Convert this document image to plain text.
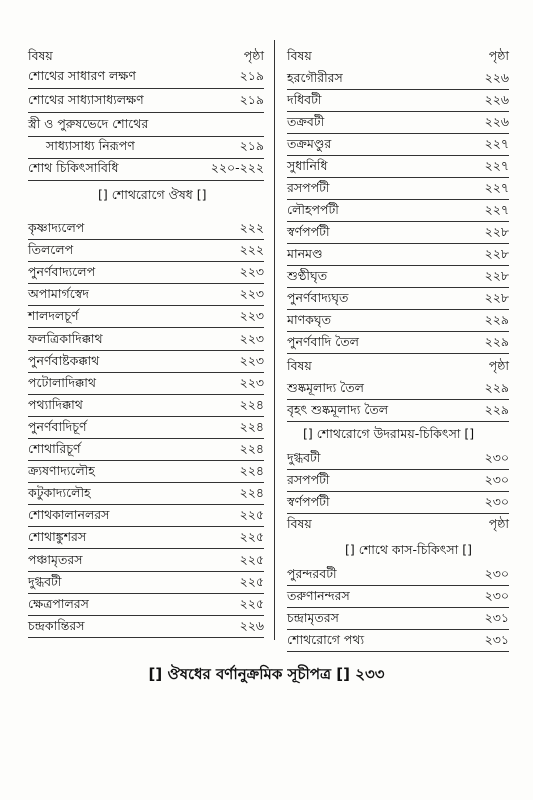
বিষয়	পৃষ্ঠা
শোথের সাধারণ লক্ষণ	২১৯
শোথের সাধ্যাসাধ্যলক্ষণ	২১৯
স্ত্রী ও পুরুষভেদে শোথের
সাধ্যাসাধ্য নিরূপণ	২১৯
শোথ চিকিৎসাবিধি	২২০-২২২
[] শোথরোগে ঔষধ []
কৃষ্ণাদ্যলেপ	২২২
তিললেপ	২২২
পুনর্ণবাদ্যলেপ	২২৩
অপামার্গস্বেদ	২২৩
শালদলচূর্ণ	২২৩
ফলত্রিকাদিক্কাথ	২২৩
পুনর্ণবাষ্টকক্কাথ	২২৩
পটোলাদিক্কাথ	২২৩
পথ্যাদিক্কাথ	২২৪
পুনর্ণবাদিচূর্ণ	২২৪
শোথারিচূর্ণ	২২৪
ক্র্যষণাদ্যলৌহ	২২৪
কটুকাদ্যলৌহ	২২৪
শোথকালানলরস	২২৫
শোথাঙ্কুশরস	২২৫
পঞ্চামৃতরস	২২৫
দুগ্ধবটী	২২৫
ক্ষেত্রপালরস	২২৫
চন্দ্রকান্তিরস	২২৬
বিষয়	পৃষ্ঠা
হরগৌরীরস	২২৬
দধিবটী	২২৬
তক্রবটী	২২৬
তক্রমণ্ডুর	২২৭
সুধানিধি	২২৭
রসপর্পটী	২২৭
লৌহপর্পটী	২২৭
স্বর্ণপর্পটী	২২৮
মানমণ্ড	২২৮
শুণ্ঠীঘৃত	২২৮
পুনর্ণবাদ্যঘৃত	২২৮
মাণকঘৃত	২২৯
পুনর্ণবাদি তৈল	২২৯
বিষয়	পৃষ্ঠা
শুষ্কমূলাদ্য তৈল	২২৯
বৃহৎ শুষ্কমূলাদ্য তৈল	২২৯
[] শোথরোগে উদরাময়-চিকিৎসা []
দুগ্ধবটী	২৩০
রসপর্পটী	২৩০
স্বর্ণপর্পটী	২৩০
বিষয়	পৃষ্ঠা
[] শোথে কাস-চিকিৎসা []
পুরন্দরবটী	২৩০
তরুণানন্দরস	২৩০
চন্দ্রামৃতরস	২৩১
শোথরোগে পথ্য	২৩১
[] ঔষধের বর্ণানুক্রমিক সূচীপত্র [] ২৩৩
